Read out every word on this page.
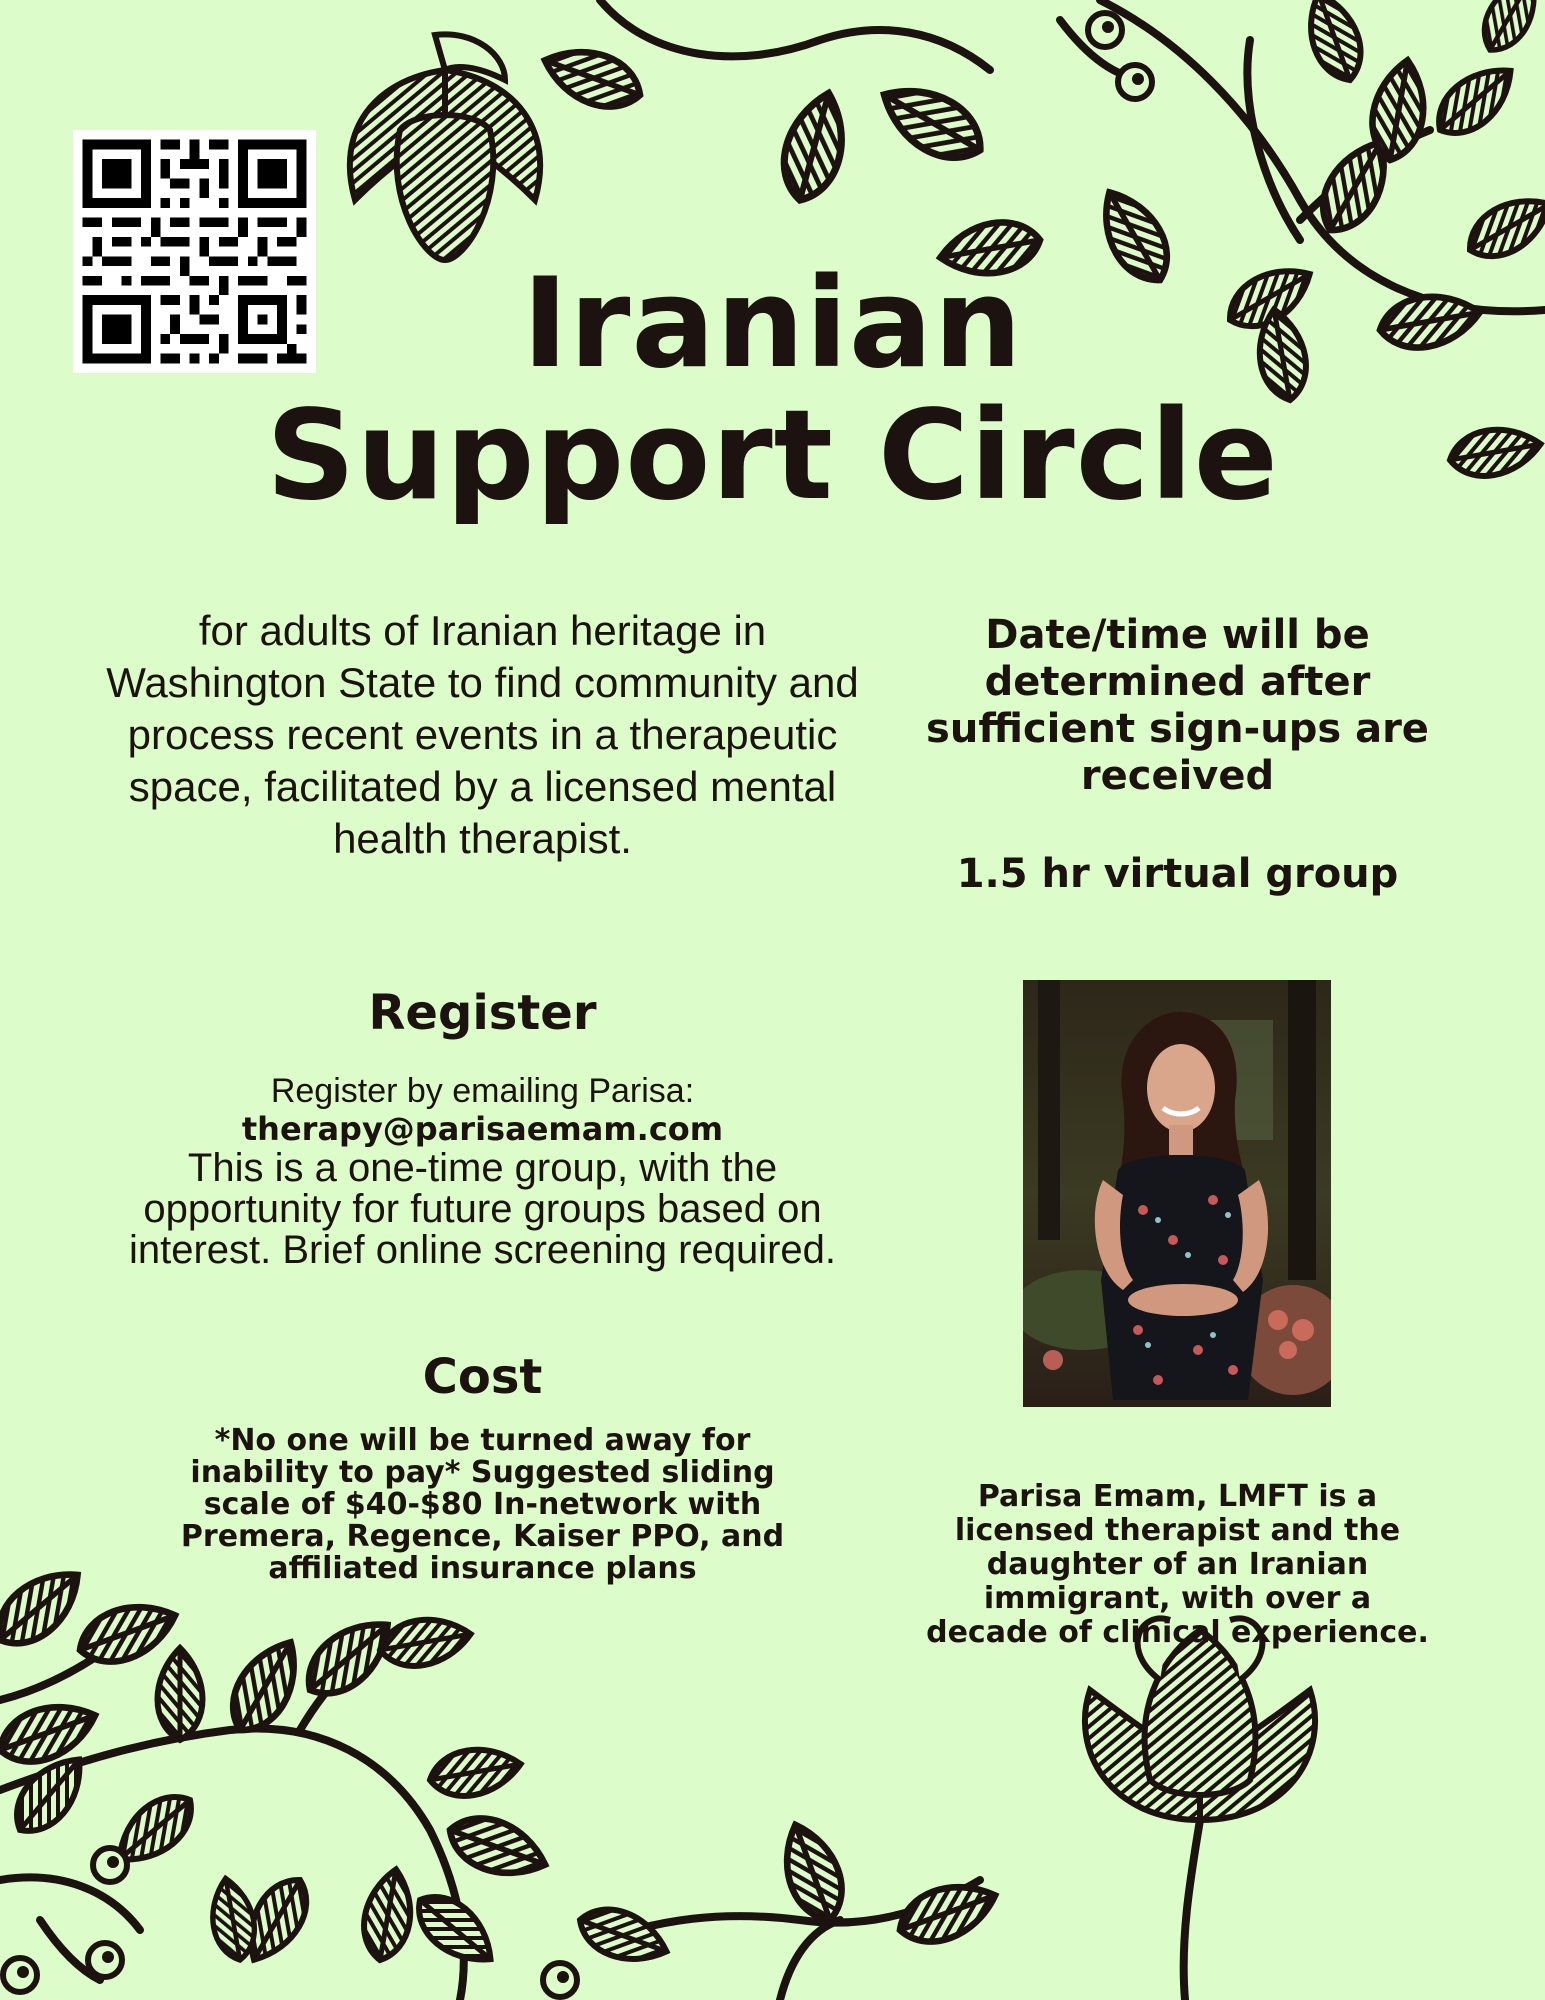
Iranian
Support Circle

for adults of Iranian heritage in Washington State to find community and process recent events in a therapeutic space, facilitated by a licensed mental health therapist.

Date/time will be determined after sufficient sign-ups are received

1.5 hr virtual group

Register
Register by emailing Parisa:
therapy@parisaemam.com
This is a one-time group, with the opportunity for future groups based on interest. Brief online screening required.
Cost

*No one will be turned away for inability to pay* Suggested sliding scale of $40-$80 In-network with Premera, Regence, Kaiser PPO, and affiliated insurance plans

Parisa Emam, LMFT is a licensed therapist and the daughter of an Iranian immigrant, with over a decade of clinical experience.
